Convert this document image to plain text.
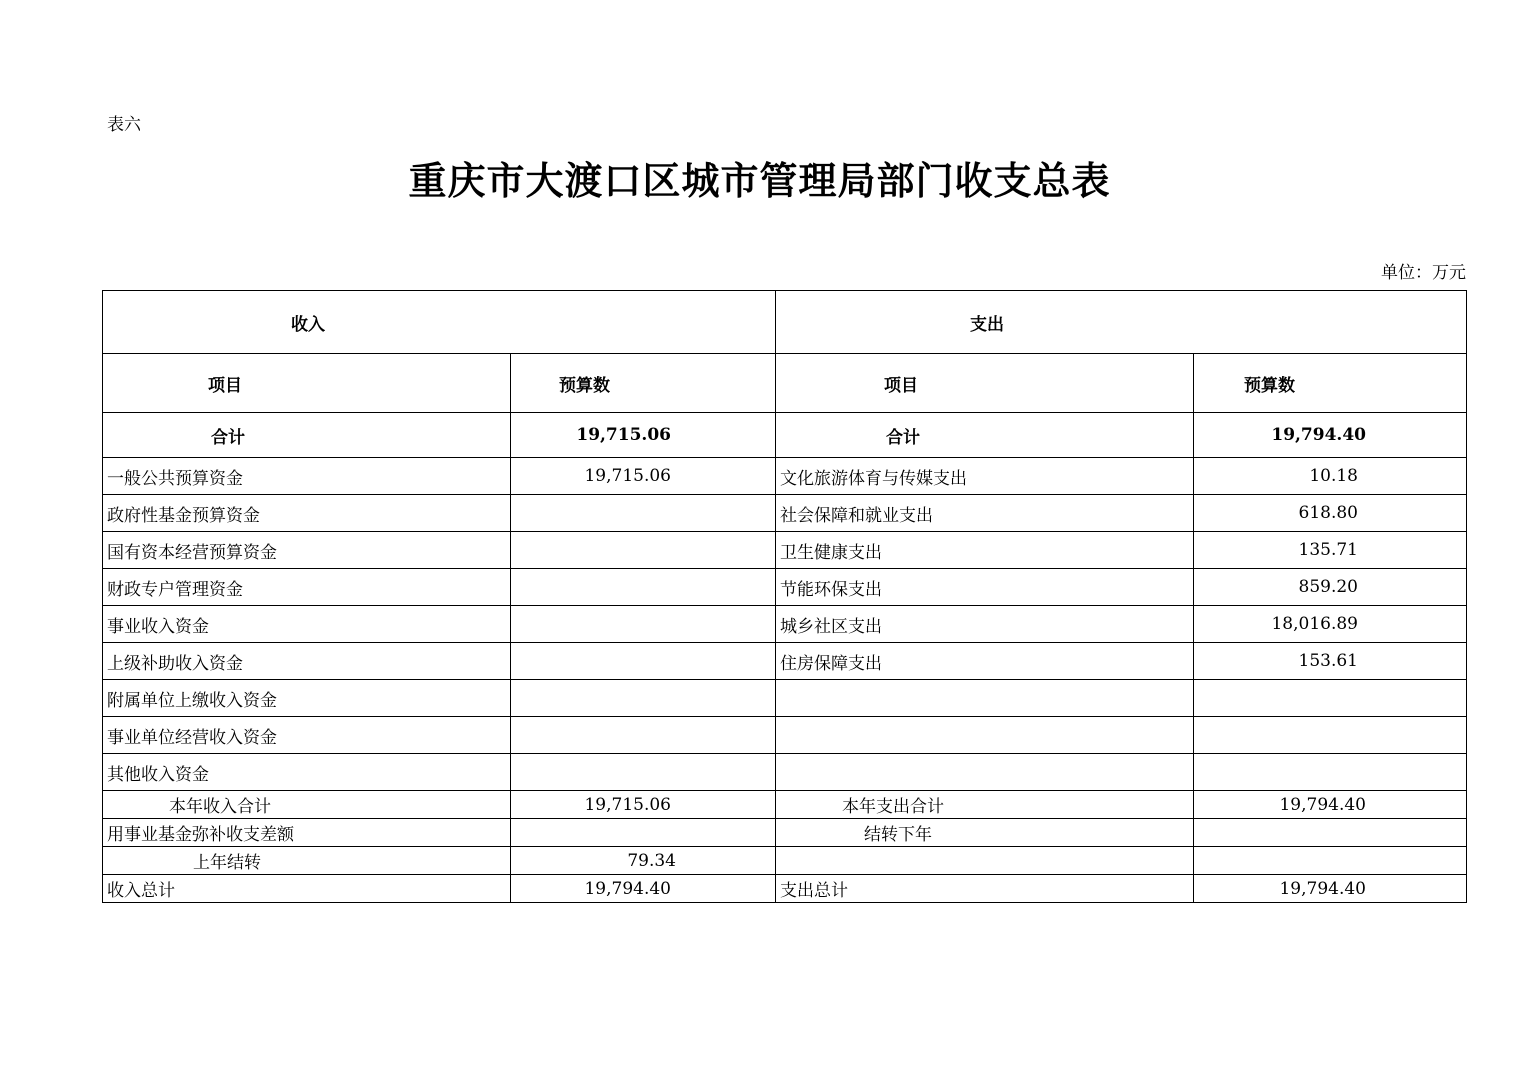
表六
重庆市大渡口区城市管理局部门收支总表
单位：万元
收入		支出	
项目	预算数	项目	预算数
合计	19,715.06	合计	19,794.40
一般公共预算资金	19,715.06	文化旅游体育与传媒支出	10.18
政府性基金预算资金		社会保障和就业支出	618.80
国有资本经营预算资金		卫生健康支出	135.71
财政专户管理资金		节能环保支出	859.20
事业收入资金		城乡社区支出	18,016.89
上级补助收入资金		住房保障支出	153.61
附属单位上缴收入资金			
事业单位经营收入资金			
其他收入资金			
本年收入合计	19,715.06	本年支出合计	19,794.40
用事业基金弥补收支差额		结转下年	
上年结转	79.34		
收入总计	19,794.40	支出总计	19,794.40
